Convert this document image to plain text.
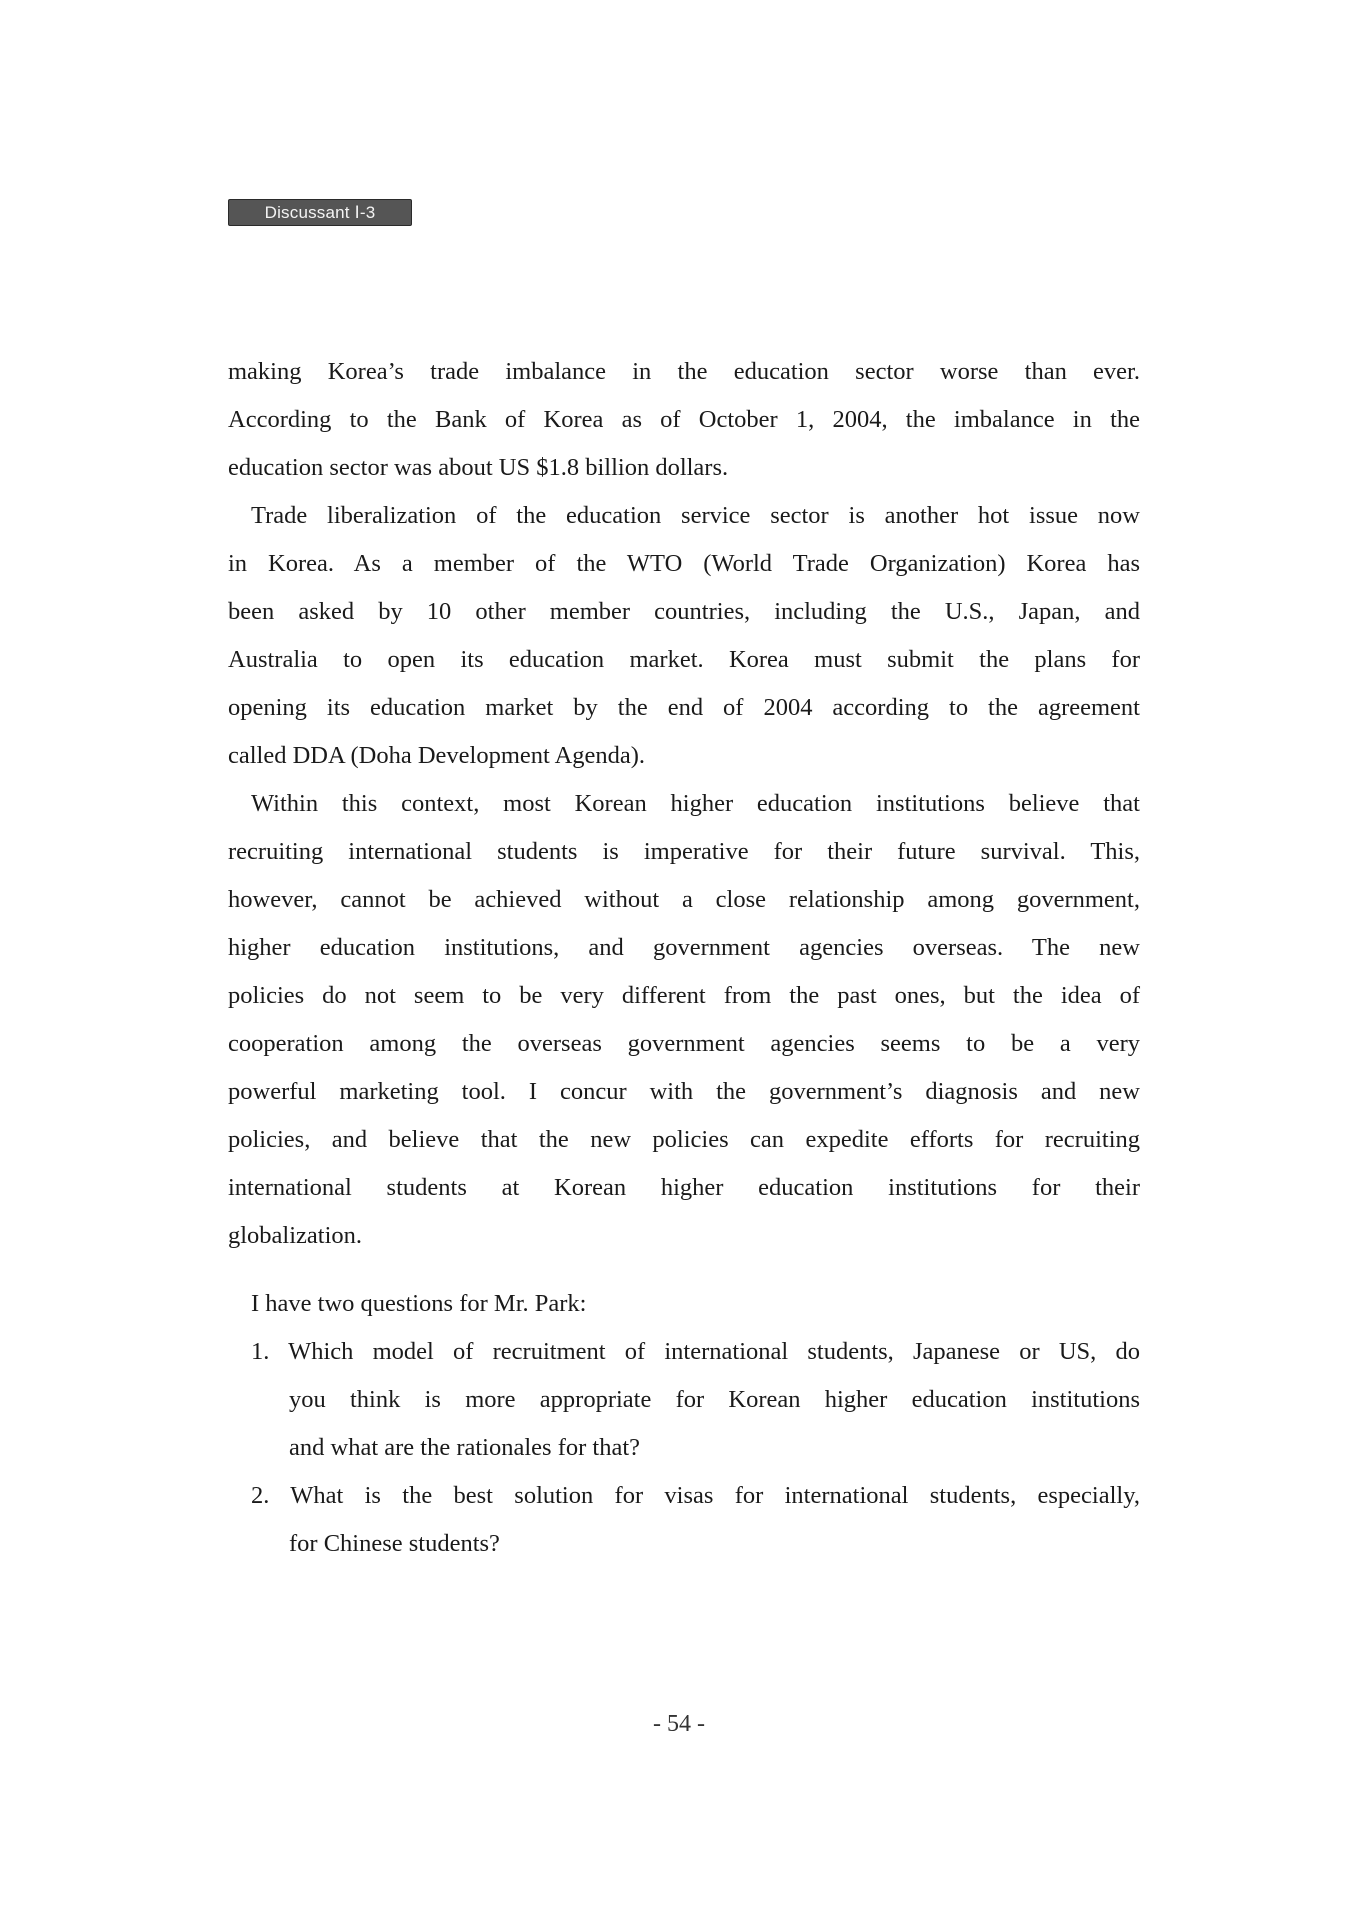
Discussant Ⅰ-3
making Korea’s trade imbalance in the education sector worse than ever.
According to the Bank of Korea as of October 1, 2004, the imbalance in the
education sector was about US $1.8 billion dollars.
Trade liberalization of the education service sector is another hot issue now
in Korea. As a member of the WTO (World Trade Organization) Korea has
been asked by 10 other member countries, including the U.S., Japan, and
Australia to open its education market. Korea must submit the plans for
opening its education market by the end of 2004 according to the agreement
called DDA (Doha Development Agenda).
Within this context, most Korean higher education institutions believe that
recruiting international students is imperative for their future survival. This,
however, cannot be achieved without a close relationship among government,
higher education institutions, and government agencies overseas. The new
policies do not seem to be very different from the past ones, but the idea of
cooperation among the overseas government agencies seems to be a very
powerful marketing tool. I concur with the government’s diagnosis and new
policies, and believe that the new policies can expedite efforts for recruiting
international students at Korean higher education institutions for their
globalization.
I have two questions for Mr. Park:
1. Which model of recruitment of international students, Japanese or US, do
you think is more appropriate for Korean higher education institutions
and what are the rationales for that?
2. What is the best solution for visas for international students, especially,
for Chinese students?
- 54 -
